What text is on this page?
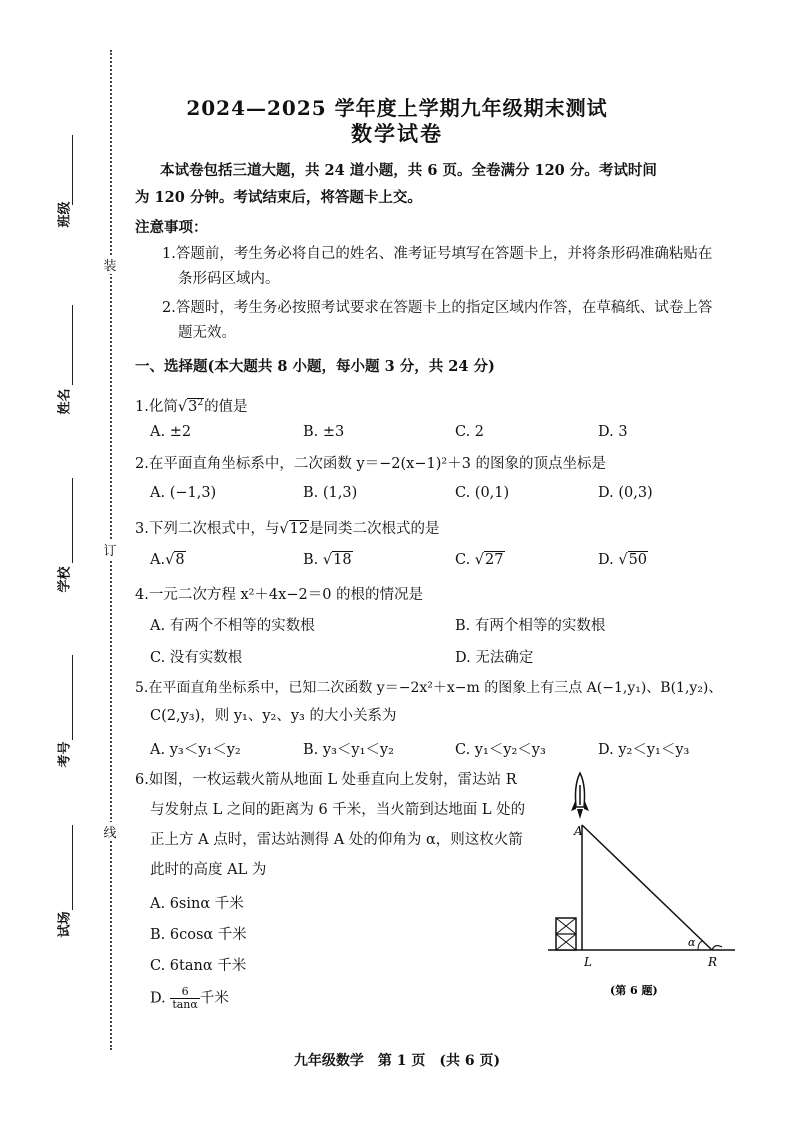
装
订
线
班级
姓名
学校
考号
试场
2024—2025 学年度上学期九年级期末测试
数学试卷
本试卷包括三道大题，共 24 道小题，共 6 页。全卷满分 120 分。考试时间
为 120 分钟。考试结束后，将答题卡上交。
注意事项：
1.答题前，考生务必将自己的姓名、准考证号填写在答题卡上，并将条形码准确粘贴在
条形码区域内。
2.答题时，考生务必按照考试要求在答题卡上的指定区域内作答，在草稿纸、试卷上答
题无效。
一、选择题(本大题共 8 小题，每小题 3 分，共 24 分)
1.化简$√3^2$的值是
A. ±2	B. ±3	C. 2	D. 3
2.在平面直角坐标系中，二次函数 y＝−2(x−1)²＋3 的图象的顶点坐标是
A. (−1,3)	B. (1,3)	C. (0,1)	D. (0,3)
3.下列二次根式中，与√12是同类二次根式的是
A.√8	B. √18	C. √27	D. √50
4.一元二次方程 x²＋4x−2＝0 的根的情况是
A. 有两个不相等的实数根	B. 有两个相等的实数根
C. 没有实数根	D. 无法确定
5.在平面直角坐标系中，已知二次函数 y＝−2x²＋x−m 的图象上有三点 A(−1,y₁)、B(1,y₂)、
C(2,y₃)，则 y₁、y₂、y₃ 的大小关系为
A. y₃＜y₁＜y₂	B. y₃＜y₁＜y₂	C. y₁＜y₂＜y₃	D. y₂＜y₁＜y₃
6.如图，一枚运载火箭从地面 L 处垂直向上发射，雷达站 R
与发射点 L 之间的距离为 6 千米，当火箭到达地面 L 处的
正上方 A 点时，雷达站测得 A 处的仰角为 α，则这枚火箭
此时的高度 AL 为
A. 6sinα 千米
B. 6cosα 千米
C. 6tanα 千米
D. $\frac{6}{\tan\alpha}$ 千米
A
L	R
α
(第 6 题)
九年级数学　第 1 页　(共 6 页)
